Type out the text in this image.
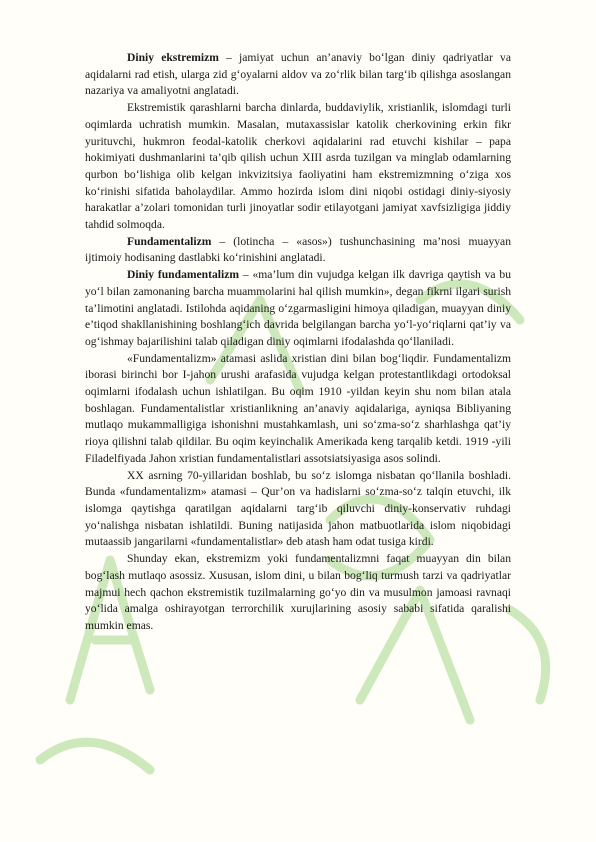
Diniy ekstremizm – jamiyat uchun an’anaviy bo‘lgan diniy qadriyatlar va aqidalarni rad etish, ularga zid g‘oyalarni aldov va zo‘rlik bilan targ‘ib qilishga asoslangan nazariya va amaliyotni anglatadi.

Ekstremistik qarashlarni barcha dinlarda, buddaviylik, xristianlik, islomdagi turli oqimlarda uchratish mumkin. Masalan, mutaxassislar katolik cherkovining erkin fikr yurituvchi, hukmron feodal-katolik cherkovi aqidalarini rad etuvchi kishilar – papa hokimiyati dushmanlarini ta’qib qilish uchun XIII asrda tuzilgan va minglab odamlarning qurbon bo‘lishiga olib kelgan inkvizitsiya faoliyatini ham ekstremizmning o‘ziga xos ko‘rinishi sifatida baholaydilar. Ammo hozirda islom dini niqobi ostidagi diniy-siyosiy harakatlar a’zolari tomonidan turli jinoyatlar sodir etilayotgani jamiyat xavfsizligiga jiddiy tahdid solmoqda.

Fundamentalizm – (lotincha – «asos») tushunchasining ma’nosi muayyan ijtimoiy hodisaning dastlabki ko‘rinishini anglatadi.

Diniy fundamentalizm – «ma’lum din vujudga kelgan ilk davriga qaytish va bu yo‘l bilan zamonaning barcha muammolarini hal qilish mumkin», degan fikrni ilgari surish ta’limotini anglatadi. Istilohda aqidaning o‘zgarmasligini himoya qiladigan, muayyan diniy e’tiqod shakllanishining boshlang‘ich davrida belgilangan barcha yo‘l-yo‘riqlarni qat’iy va og‘ishmay bajarilishini talab qiladigan diniy oqimlarni ifodalashda qo‘llaniladi.

«Fundamentalizm» atamasi aslida xristian dini bilan bog‘liqdir. Fundamentalizm iborasi birinchi bor I-jahon urushi arafasida vujudga kelgan protestantlikdagi ortodoksal oqimlarni ifodalash uchun ishlatilgan. Bu oqim 1910 -yildan keyin shu nom bilan atala boshlagan. Fundamentalistlar xristianlikning an’anaviy aqidalariga, ayniqsa Bibliyaning mutlaqo mukammalligiga ishonishni mustahkamlash, uni so‘zma-so‘z sharhlashga qat’iy rioya qilishni talab qildilar. Bu oqim keyinchalik Amerikada keng tarqalib ketdi. 1919 -yili Filadelfiyada Jahon xristian fundamentalistlari assotsiatsiyasiga asos solindi.

XX asrning 70-yillaridan boshlab, bu so‘z islomga nisbatan qo‘llanila boshladi. Bunda «fundamentalizm» atamasi – Qur’on va hadislarni so‘zma-so‘z talqin etuvchi, ilk islomga qaytishga qaratilgan aqidalarni targ‘ib qiluvchi diniy-konservativ ruhdagi yo‘nalishga nisbatan ishlatildi. Buning natijasida jahon matbuotlarida islom niqobidagi mutaassib jangarilarni «fundamentalistlar» deb atash ham odat tusiga kirdi.

Shunday ekan, ekstremizm yoki fundamentalizmni faqat muayyan din bilan bog‘lash mutlaqo asossiz. Xususan, islom dini, u bilan bog‘liq turmush tarzi va qadriyatlar majmui hech qachon ekstremistik tuzilmalarning go‘yo din va musulmon jamoasi ravnaqi yo‘lida amalga oshirayotgan terrorchilik xurujlarining asosiy sababi sifatida qaralishi mumkin emas.
